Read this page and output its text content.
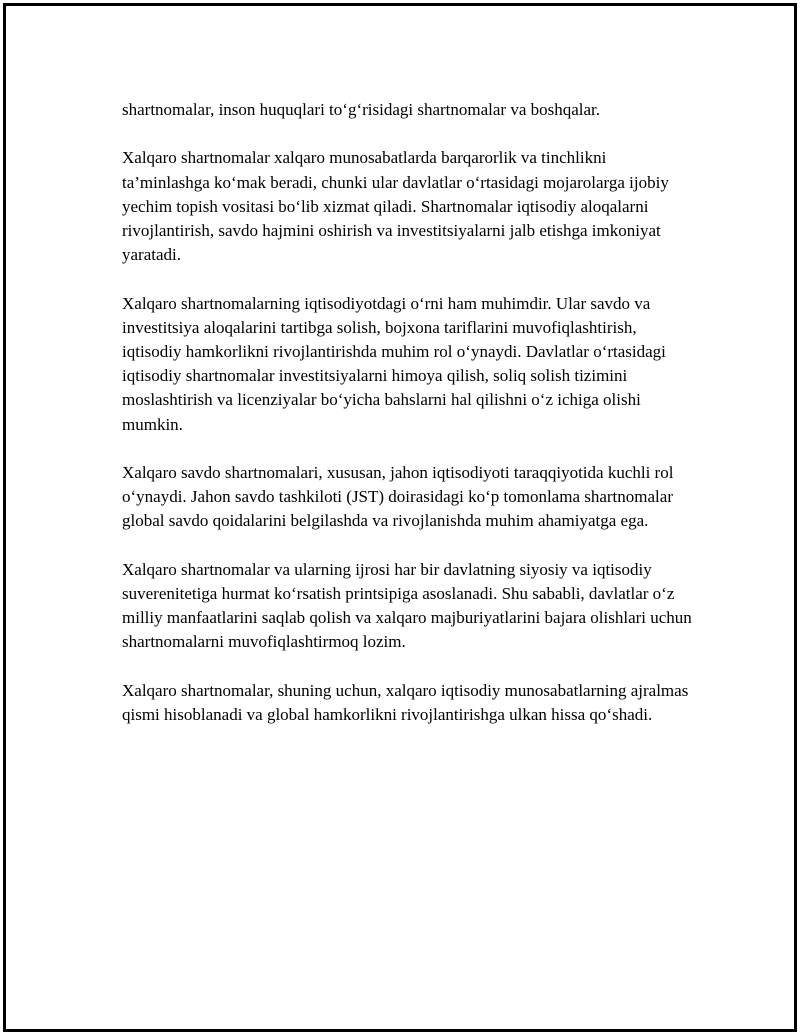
shartnomalar, inson huquqlari to‘g‘risidagi shartnomalar va boshqalar.

Xalqaro shartnomalar xalqaro munosabatlarda barqarorlik va tinchlikni ta’minlashga ko‘mak beradi, chunki ular davlatlar o‘rtasidagi mojarolarga ijobiy yechim topish vositasi bo‘lib xizmat qiladi. Shartnomalar iqtisodiy aloqalarni rivojlantirish, savdo hajmini oshirish va investitsiyalarni jalb etishga imkoniyat yaratadi.

Xalqaro shartnomalarning iqtisodiyotdagi o‘rni ham muhimdir. Ular savdo va investitsiya aloqalarini tartibga solish, bojxona tariflarini muvofiqlashtirish, iqtisodiy hamkorlikni rivojlantirishda muhim rol o‘ynaydi. Davlatlar o‘rtasidagi iqtisodiy shartnomalar investitsiyalarni himoya qilish, soliq solish tizimini moslashtirish va licenziyalar bo‘yicha bahslarni hal qilishni o‘z ichiga olishi mumkin.

Xalqaro savdo shartnomalari, xususan, jahon iqtisodiyoti taraqqiyotida kuchli rol o‘ynaydi. Jahon savdo tashkiloti (JST) doirasidagi ko‘p tomonlama shartnomalar global savdo qoidalarini belgilashda va rivojlanishda muhim ahamiyatga ega.

Xalqaro shartnomalar va ularning ijrosi har bir davlatning siyosiy va iqtisodiy suverenitetiga hurmat ko‘rsatish printsipiga asoslanadi. Shu sababli, davlatlar o‘z milliy manfaatlarini saqlab qolish va xalqaro majburiyatlarini bajara olishlari uchun shartnomalarni muvofiqlashtirmoq lozim.

Xalqaro shartnomalar, shuning uchun, xalqaro iqtisodiy munosabatlarning ajralmas qismi hisoblanadi va global hamkorlikni rivojlantirishga ulkan hissa qo‘shadi.
